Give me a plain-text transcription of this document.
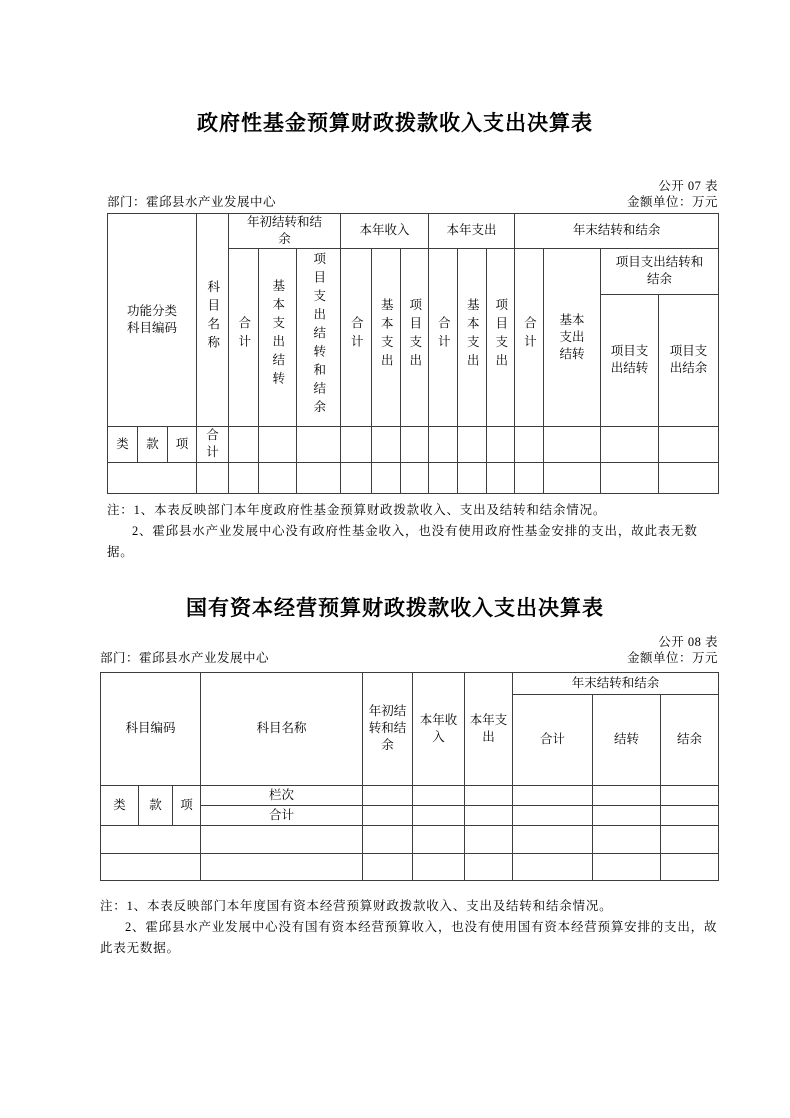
政府性基金预算财政拨款收入支出决算表
公开 07 表
部门：霍邱县水产业发展中心	金额单位：万元
功能分类科目编码			科目名称	年初结转和结余			本年收入			本年支出			年末结转和结余			
				合计	基本支出结转	项目支出结转和结余	合计	基本支出	项目支出	合计	基本支出	项目支出	合计	基本支出结转	项目支出结转和结余	
															项目支出结转	项目支出结余
类	款	项	合计													

注：1、本表反映部门本年度政府性基金预算财政拨款收入、支出及结转和结余情况。

2、霍邱县水产业发展中心没有政府性基金收入，也没有使用政府性基金安排的支出，故此表无数据。

国有资本经营预算财政拨款收入支出决算表
公开 08 表
部门：霍邱县水产业发展中心	金额单位：万元
科目编码			科目名称	年初结转和结余	本年收入	本年支出	年末结转和结余		
							合计	结转	结余
类	款	项	栏次						
			合计						

注：1、本表反映部门本年度国有资本经营预算财政拨款收入、支出及结转和结余情况。

2、霍邱县水产业发展中心没有国有资本经营预算收入，也没有使用国有资本经营预算安排的支出，故此表无数据。
